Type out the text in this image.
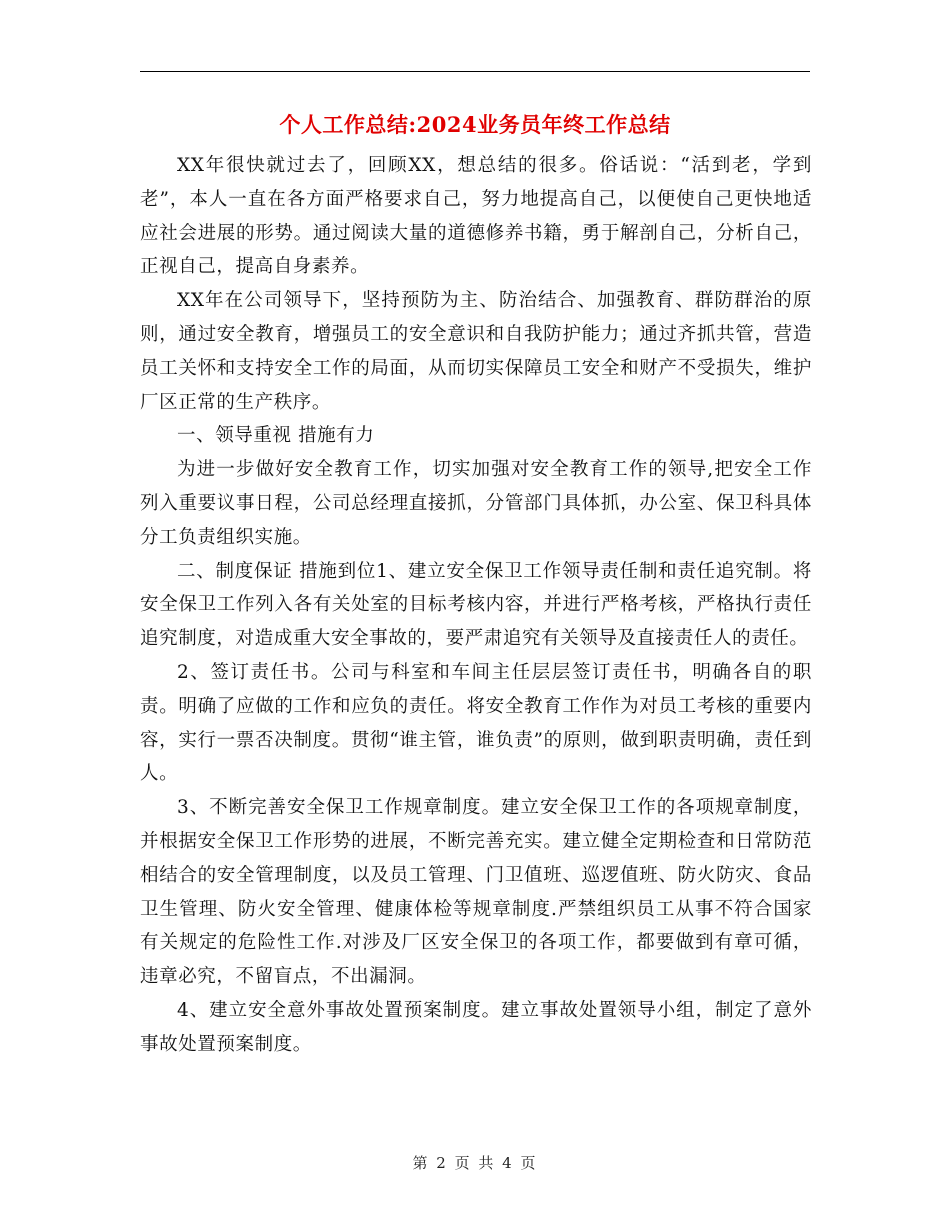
个人工作总结:2024业务员年终工作总结

XX年很快就过去了，回顾XX，想总结的很多。俗话说：“活到老，学到老”，本人一直在各方面严格要求自己，努力地提高自己，以便使自己更快地适应社会进展的形势。通过阅读大量的道德修养书籍，勇于解剖自己，分析自己，正视自己，提高自身素养。

XX年在公司领导下，坚持预防为主、防治结合、加强教育、群防群治的原则，通过安全教育，增强员工的安全意识和自我防护能力；通过齐抓共管，营造员工关怀和支持安全工作的局面，从而切实保障员工安全和财产不受损失，维护厂区正常的生产秩序。

一、领导重视 措施有力

为进一步做好安全教育工作，切实加强对安全教育工作的领导,把安全工作列入重要议事日程，公司总经理直接抓，分管部门具体抓，办公室、保卫科具体分工负责组织实施。

二、制度保证 措施到位1、建立安全保卫工作领导责任制和责任追究制。将安全保卫工作列入各有关处室的目标考核内容，并进行严格考核，严格执行责任追究制度，对造成重大安全事故的，要严肃追究有关领导及直接责任人的责任。

2、签订责任书。公司与科室和车间主任层层签订责任书，明确各自的职责。明确了应做的工作和应负的责任。将安全教育工作作为对员工考核的重要内容，实行一票否决制度。贯彻“谁主管，谁负责”的原则，做到职责明确，责任到人。

3、不断完善安全保卫工作规章制度。建立安全保卫工作的各项规章制度，并根据安全保卫工作形势的进展，不断完善充实。建立健全定期检查和日常防范相结合的安全管理制度，以及员工管理、门卫值班、巡逻值班、防火防灾、食品卫生管理、防火安全管理、健康体检等规章制度.严禁组织员工从事不符合国家有关规定的危险性工作.对涉及厂区安全保卫的各项工作，都要做到有章可循，违章必究，不留盲点，不出漏洞。

4、建立安全意外事故处置预案制度。建立事故处置领导小组，制定了意外事故处置预案制度。

第 2 页 共 4 页
